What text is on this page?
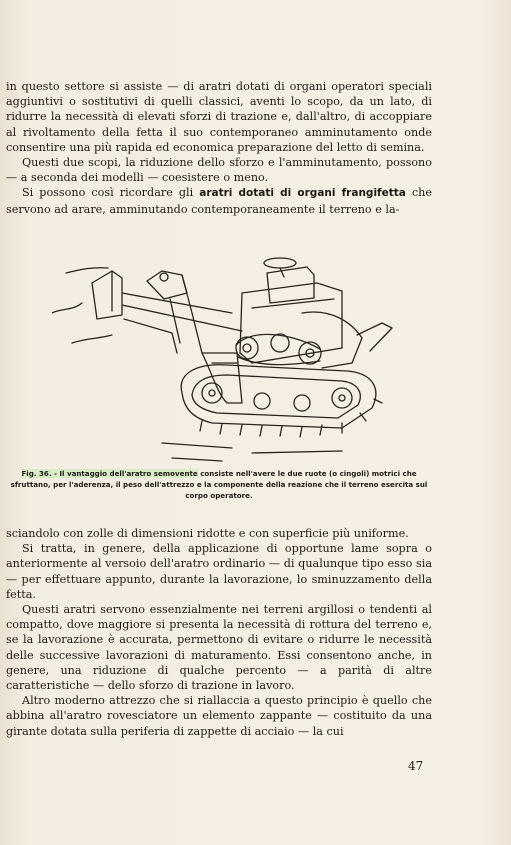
in questo settore si assiste — di aratri dotati di organi operatori speciali aggiuntivi o sostitutivi di quelli classici, aventi lo scopo, da un lato, di ridurre la necessità di elevati sforzi di trazione e, dall'altro, di accoppiare al rivoltamento della fetta il suo contemporaneo amminutamento onde consentire una più rapida ed economica preparazione del letto di semina.

Questi due scopi, la riduzione dello sforzo e l'amminutamento, possono — a seconda dei modelli — coesistere o meno.

Si possono così ricordare gli aratri dotati di organi frangifetta che servono ad arare, amminutando contemporaneamente il terreno e la-

Fig. 36. - Il vantaggio dell'aratro semovente consiste nell'avere le due ruote (o cingoli) motrici che sfruttano, per l'aderenza, il peso dell'attrezzo e la componente della reazione che il terreno esercita sul corpo operatore.

sciandolo con zolle di dimensioni ridotte e con superficie più uniforme.

Si tratta, in genere, della applicazione di opportune lame sopra o anteriormente al versoio dell'aratro ordinario — di qualunque tipo esso sia — per effettuare appunto, durante la lavorazione, lo sminuzzamento della fetta.

Questi aratri servono essenzialmente nei terreni argillosi o tendenti al compatto, dove maggiore si presenta la necessità di rottura del terreno e, se la lavorazione è accurata, permettono di evitare o ridurre le necessità delle successive lavorazioni di maturamento. Essi consentono anche, in genere, una riduzione di qualche percento — a parità di altre caratteristiche — dello sforzo di trazione in lavoro.

Altro moderno attrezzo che si riallaccia a questo principio è quello che abbina all'aratro rovesciatore un elemento zappante — costituito da una girante dotata sulla periferia di zappette di acciaio — la cui

47
